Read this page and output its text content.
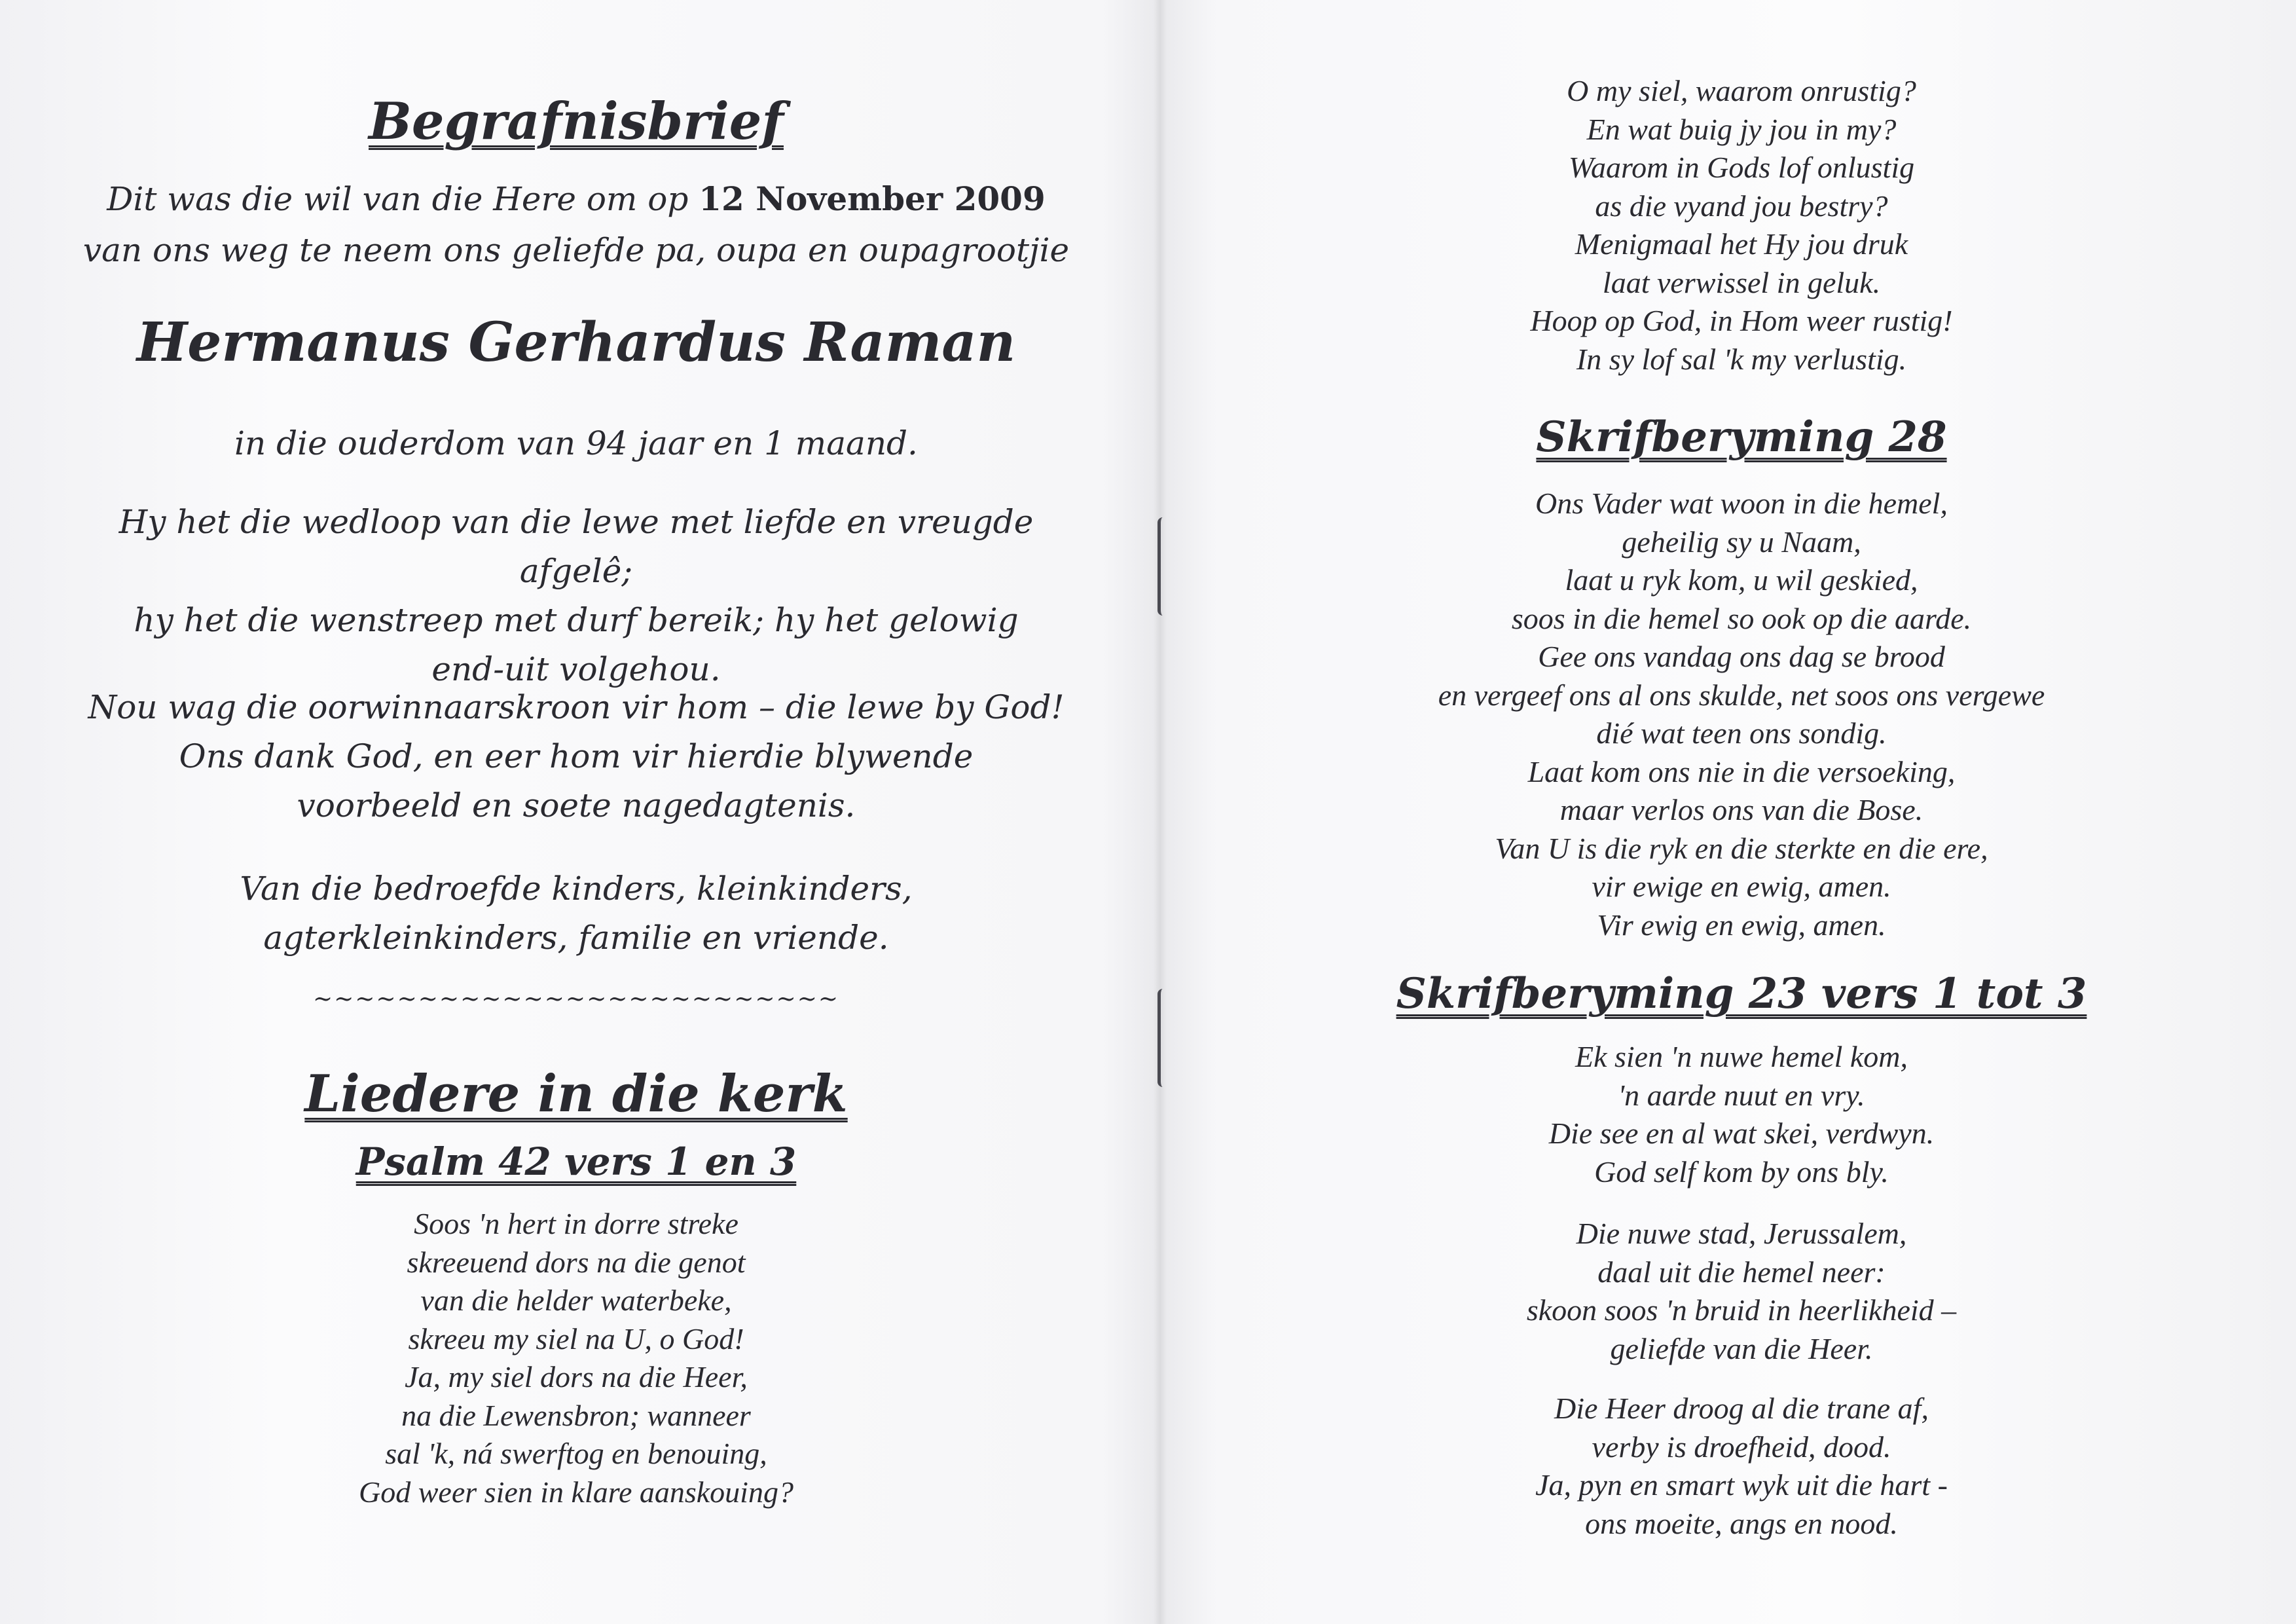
Begrafnisbrief
Dit was die wil van die Here om op 12 November 2009
van ons weg te neem ons geliefde pa, oupa en oupagrootjie
Hermanus Gerhardus Raman
in die ouderdom van 94 jaar en 1 maand.
Hy het die wedloop van die lewe met liefde en vreugde afgelê;
hy het die wenstreep met durf bereik; hy het gelowig
end-uit volgehou.
Nou wag die oorwinnaarskroon vir hom – die lewe by God!
Ons dank God, en eer hom vir hierdie blywende
voorbeeld en soete nagedagtenis.
Van die bedroefde kinders, kleinkinders,
agterkleinkinders, familie en vriende.
~~~~~~~~~~~~~~~~~~~~~~~~~
Liedere in die kerk
Psalm 42 vers 1 en 3
Soos 'n hert in dorre streke
skreeuend dors na die genot
van die helder waterbeke,
skreeu my siel na U, o God!
Ja, my siel dors na die Heer,
na die Lewensbron; wanneer
sal 'k, ná swerftog en benouing,
God weer sien in klare aanskouing?
O my siel, waarom onrustig?
En wat buig jy jou in my?
Waarom in Gods lof onlustig
as die vyand jou bestry?
Menigmaal het Hy jou druk
laat verwissel in geluk.
Hoop op God, in Hom weer rustig!
In sy lof sal 'k my verlustig.
Skrifberyming 28
Ons Vader wat woon in die hemel,
geheilig sy u Naam,
laat u ryk kom, u wil geskied,
soos in die hemel so ook op die aarde.
Gee ons vandag ons dag se brood
en vergeef ons al ons skulde, net soos ons vergewe
dié wat teen ons sondig.
Laat kom ons nie in die versoeking,
maar verlos ons van die Bose.
Van U is die ryk en die sterkte en die ere,
vir ewige en ewig, amen.
Vir ewig en ewig, amen.
Skrifberyming 23 vers 1 tot 3
Ek sien 'n nuwe hemel kom,
'n aarde nuut en vry.
Die see en al wat skei, verdwyn.
God self kom by ons bly.
Die nuwe stad, Jerussalem,
daal uit die hemel neer:
skoon soos 'n bruid in heerlikheid –
geliefde van die Heer.
Die Heer droog al die trane af,
verby is droefheid, dood.
Ja, pyn en smart wyk uit die hart -
ons moeite, angs en nood.
